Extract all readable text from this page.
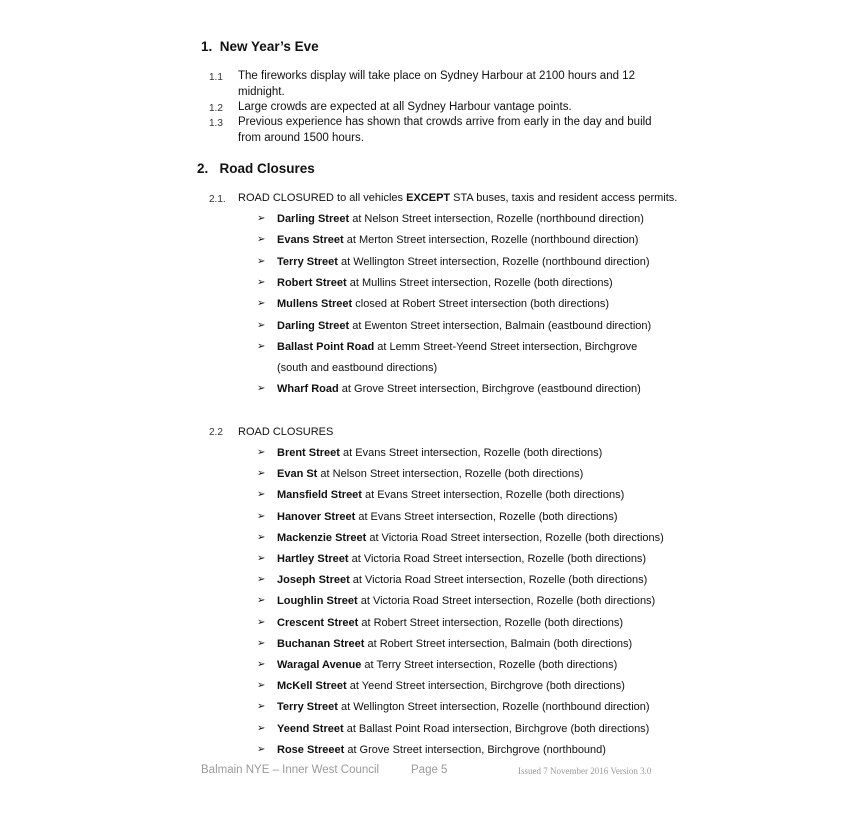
1. New Year’s Eve
1.1 The fireworks display will take place on Sydney Harbour at 2100 hours and 12 midnight.
1.2 Large crowds are expected at all Sydney Harbour vantage points.
1.3 Previous experience has shown that crowds arrive from early in the day and build from around 1500 hours.
2. Road Closures
2.1. ROAD CLOSURED to all vehicles EXCEPT STA buses, taxis and resident access permits.
➢ Darling Street at Nelson Street intersection, Rozelle (northbound direction)
➢ Evans Street at Merton Street intersection, Rozelle (northbound direction)
➢ Terry Street at Wellington Street intersection, Rozelle (northbound direction)
➢ Robert Street at Mullins Street intersection, Rozelle (both directions)
➢ Mullens Street closed at Robert Street intersection (both directions)
➢ Darling Street at Ewenton Street intersection, Balmain (eastbound direction)
➢ Ballast Point Road at Lemm Street-Yeend Street intersection, Birchgrove
(south and eastbound directions)
➢ Wharf Road at Grove Street intersection, Birchgrove (eastbound direction)
2.2 ROAD CLOSURES
➢ Brent Street at Evans Street intersection, Rozelle (both directions)
➢ Evan St at Nelson Street intersection, Rozelle (both directions)
➢ Mansfield Street at Evans Street intersection, Rozelle (both directions)
➢ Hanover Street at Evans Street intersection, Rozelle (both directions)
➢ Mackenzie Street at Victoria Road Street intersection, Rozelle (both directions)
➢ Hartley Street at Victoria Road Street intersection, Rozelle (both directions)
➢ Joseph Street at Victoria Road Street intersection, Rozelle (both directions)
➢ Loughlin Street at Victoria Road Street intersection, Rozelle (both directions)
➢ Crescent Street at Robert Street intersection, Rozelle (both directions)
➢ Buchanan Street at Robert Street intersection, Balmain (both directions)
➢ Waragal Avenue at Terry Street intersection, Rozelle (both directions)
➢ McKell Street at Yeend Street intersection, Birchgrove (both directions)
➢ Terry Street at Wellington Street intersection, Rozelle (northbound direction)
➢ Yeend Street at Ballast Point Road intersection, Birchgrove (both directions)
➢ Rose Streeet at Grove Street intersection, Birchgrove (northbound)
Balmain NYE – Inner West Council	Page 5	Issued 7 November 2016 Version 3.0
